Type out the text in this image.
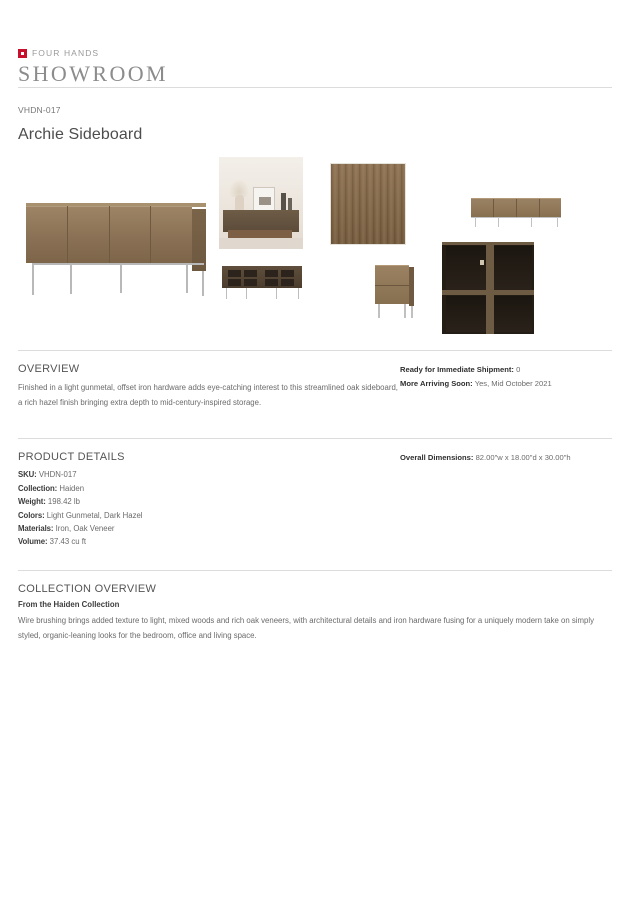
FOUR HANDS
SHOWROOM
VHDN-017
Archie Sideboard
OVERVIEW

Finished in a light gunmetal, offset iron hardware adds eye-catching interest to this streamlined oak sideboard, a rich hazel finish bringing extra depth to mid-century-inspired storage.

Ready for Immediate Shipment: 0
More Arriving Soon: Yes, Mid October 2021
PRODUCT DETAILS
SKU: VHDN-017
Collection: Haiden
Weight: 198.42 lb
Colors: Light Gunmetal, Dark Hazel
Materials: Iron, Oak Veneer
Volume: 37.43 cu ft
Overall Dimensions: 82.00"w x 18.00"d x 30.00"h
COLLECTION OVERVIEW
From the Haiden Collection

Wire brushing brings added texture to light, mixed woods and rich oak veneers, with architectural details and iron hardware fusing for a uniquely modern take on simply styled, organic-leaning looks for the bedroom, office and living space.
